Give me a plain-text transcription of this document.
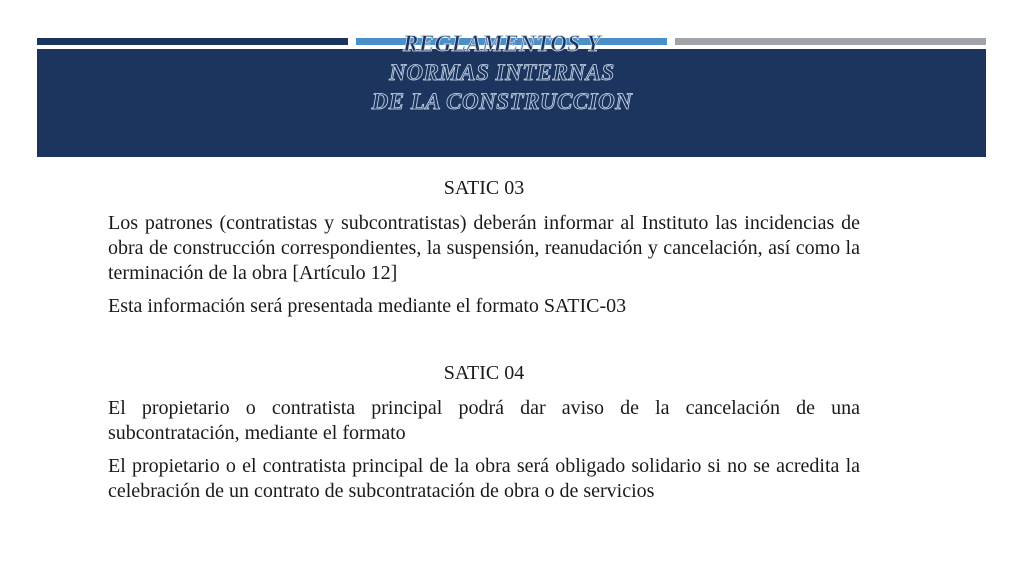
REGLAMENTOS Y
NORMAS INTERNAS
DE LA CONSTRUCCION

SATIC 03

Los patrones (contratistas y subcontratistas) deberán informar al Instituto las incidencias de obra de construcción correspondientes, la suspensión, reanudación y cancelación, así como la terminación de la obra [Artículo 12]

Esta información será presentada mediante el formato SATIC-03

SATIC 04

El propietario o contratista principal podrá dar aviso de la cancelación de una subcontratación, mediante el formato

El propietario o el contratista principal de la obra será obligado solidario si no se acredita la celebración de un contrato de subcontratación de obra o de servicios
